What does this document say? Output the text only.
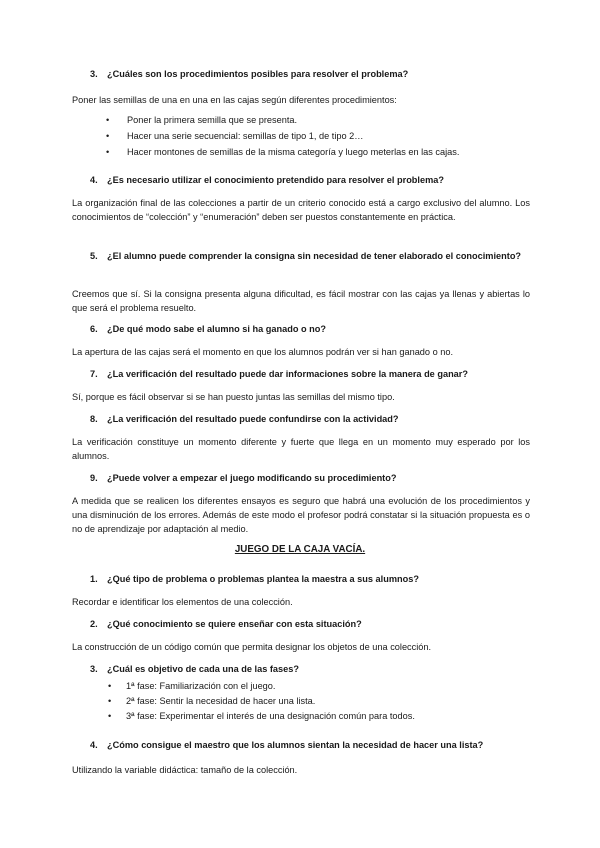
3. ¿Cuáles son los procedimientos posibles para resolver el problema?
Poner las semillas de una en una en las cajas según diferentes procedimientos:
• Poner la primera semilla que se presenta.
• Hacer una serie secuencial: semillas de tipo 1, de tipo 2…
• Hacer montones de semillas de la misma categoría y luego meterlas en las cajas.
4. ¿Es necesario utilizar el conocimiento pretendido para resolver el problema?
La organización final de las colecciones a partir de un criterio conocido está a cargo exclusivo del alumno. Los conocimientos de “colección” y “enumeración” deben ser puestos constantemente en práctica.
5. ¿El alumno puede comprender la consigna sin necesidad de tener elaborado el conocimiento?
Creemos que sí. Si la consigna presenta alguna dificultad, es fácil mostrar con las cajas ya llenas y abiertas lo que será el problema resuelto.
6. ¿De qué modo sabe el alumno si ha ganado o no?
La apertura de las cajas será el momento en que los alumnos podrán ver si han ganado o no.
7. ¿La verificación del resultado puede dar informaciones sobre la manera de ganar?
Sí, porque es fácil observar si se han puesto juntas las semillas del mismo tipo.
8. ¿La verificación del resultado puede confundirse con la actividad?
La verificación constituye un momento diferente y fuerte que llega en un momento muy esperado por los alumnos.
9. ¿Puede volver a empezar el juego modificando su procedimiento?
A medida que se realicen los diferentes ensayos es seguro que habrá una evolución de los procedimientos y una disminución de los errores. Además de este modo el profesor podrá constatar si la situación propuesta es o no de aprendizaje por adaptación al medio.
JUEGO DE LA CAJA VACÍA.
1. ¿Qué tipo de problema o problemas plantea la maestra a sus alumnos?
Recordar e identificar los elementos de una colección.
2. ¿Qué conocimiento se quiere enseñar con esta situación?
La construcción de un código común que permita designar los objetos de una colección.
3. ¿Cuál es objetivo de cada una de las fases?
• 1ª fase: Familiarización con el juego.
• 2ª fase: Sentir la necesidad de hacer una lista.
• 3ª fase: Experimentar el interés de una designación común para todos.
4. ¿Cómo consigue el maestro que los alumnos sientan la necesidad de hacer una lista?
Utilizando la variable didáctica: tamaño de la colección.
